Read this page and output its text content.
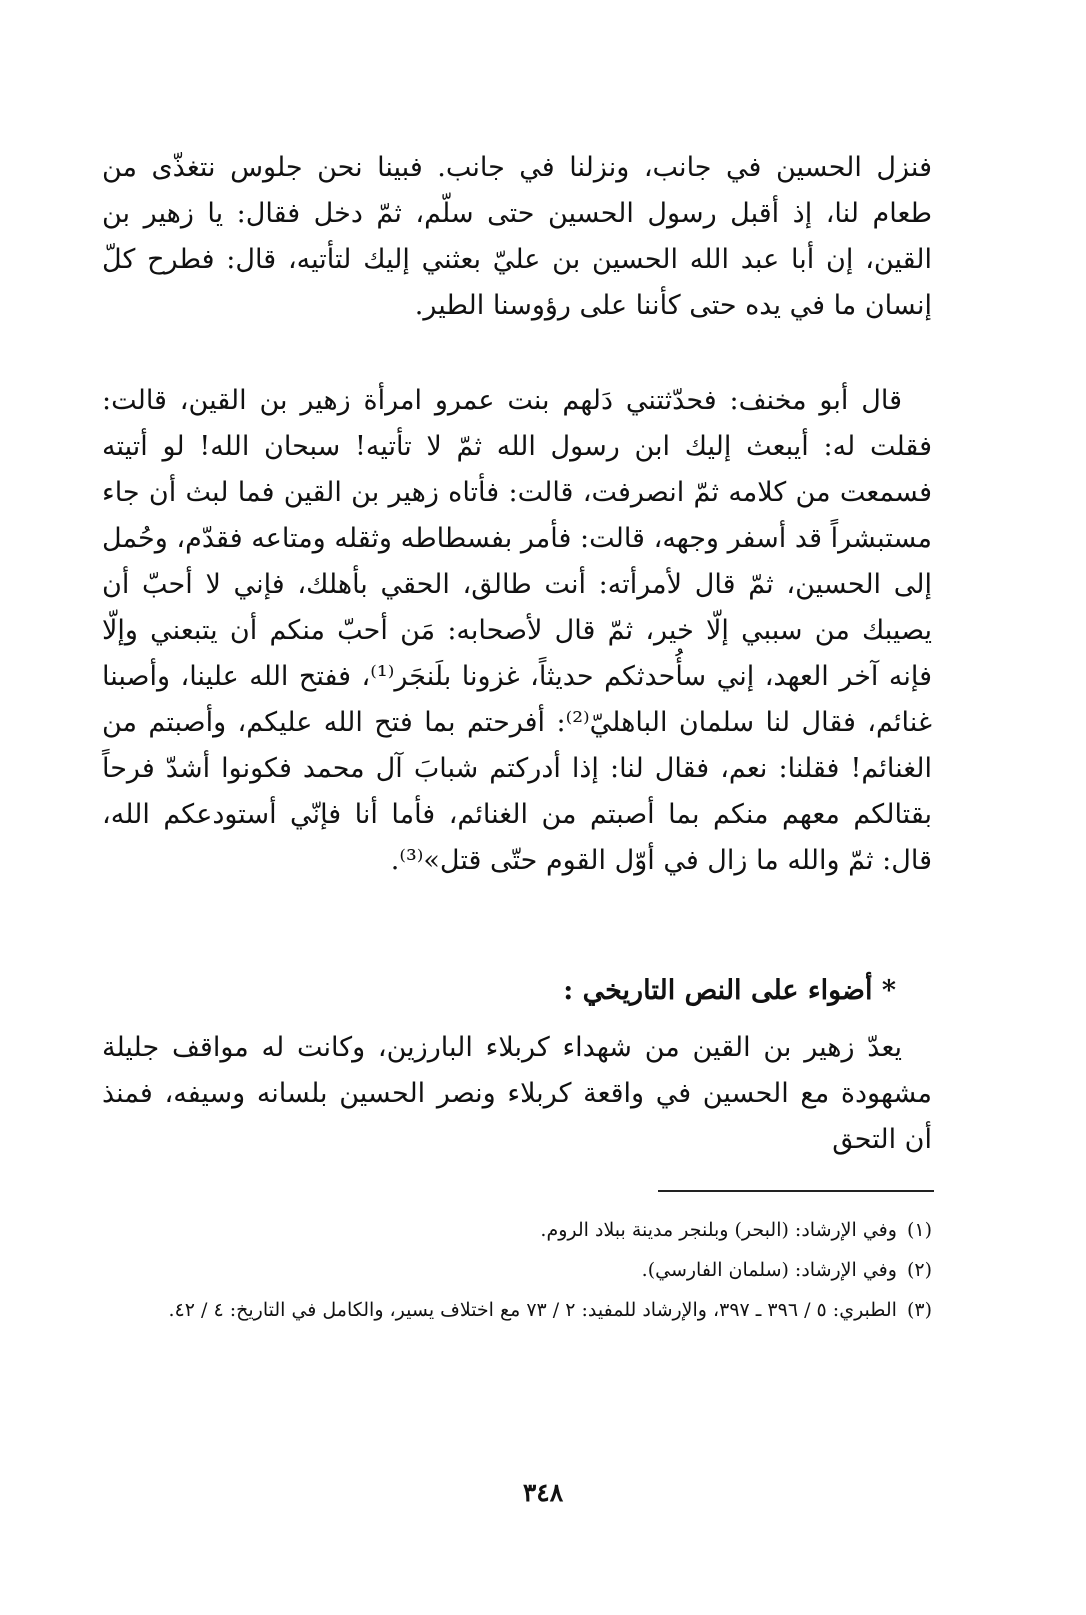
فنزل الحسين في جانب، ونزلنا في جانب. فبينا نحن جلوس نتغذّى من طعام لنا، إذ أقبل رسول الحسين حتى سلّم، ثمّ دخل فقال: يا زهير بن القين، إن أبا عبد الله الحسين بن عليّ بعثني إليك لتأتيه، قال: فطرح كلّ إنسان ما في يده حتى كأننا على رؤوسنا الطير.

قال أبو مخنف: فحدّثتني دَلهم بنت عمرو امرأة زهير بن القين، قالت: فقلت له: أيبعث إليك ابن رسول الله ثمّ لا تأتيه! سبحان الله! لو أتيته فسمعت من كلامه ثمّ انصرفت، قالت: فأتاه زهير بن القين فما لبث أن جاء مستبشراً قد أسفر وجهه، قالت: فأمر بفسطاطه وثقله ومتاعه فقدّم، وحُمل إلى الحسين، ثمّ قال لأمرأته: أنت طالق، الحقي بأهلك، فإني لا أحبّ أن يصيبك من سببي إلّا خير، ثمّ قال لأصحابه: مَن أحبّ منكم أن يتبعني وإلّا فإنه آخر العهد، إني سأُحدثكم حديثاً، غزونا بلَنجَر⁽¹⁾، ففتح الله علينا، وأصبنا غنائم، فقال لنا سلمان الباهليّ⁽²⁾: أفرحتم بما فتح الله عليكم، وأصبتم من الغنائم! فقلنا: نعم، فقال لنا: إذا أدركتم شبابَ آل محمد فكونوا أشدّ فرحاً بقتالكم معهم منكم بما أصبتم من الغنائم، فأما أنا فإنّي أستودعكم الله، قال: ثمّ والله ما زال في أوّل القوم حتّى قتل»⁽³⁾.

* أضواء على النص التاريخي :

يعدّ زهير بن القين من شهداء كربلاء البارزين، وكانت له مواقف جليلة مشهودة مع الحسين في واقعة كربلاء ونصر الحسين بلسانه وسيفه، فمنذ أن التحق

(١)
وفي الإرشاد: (البحر) وبلنجر مدينة ببلاد الروم.

(٢)
وفي الإرشاد: (سلمان الفارسي).

(٣)
الطبري: ٥ / ٣٩٦ ـ ٣٩٧، والإرشاد للمفيد: ٢ / ٧٣ مع اختلاف يسير، والكامل في التاريخ: ٤ / ٤٢.

٣٤٨
